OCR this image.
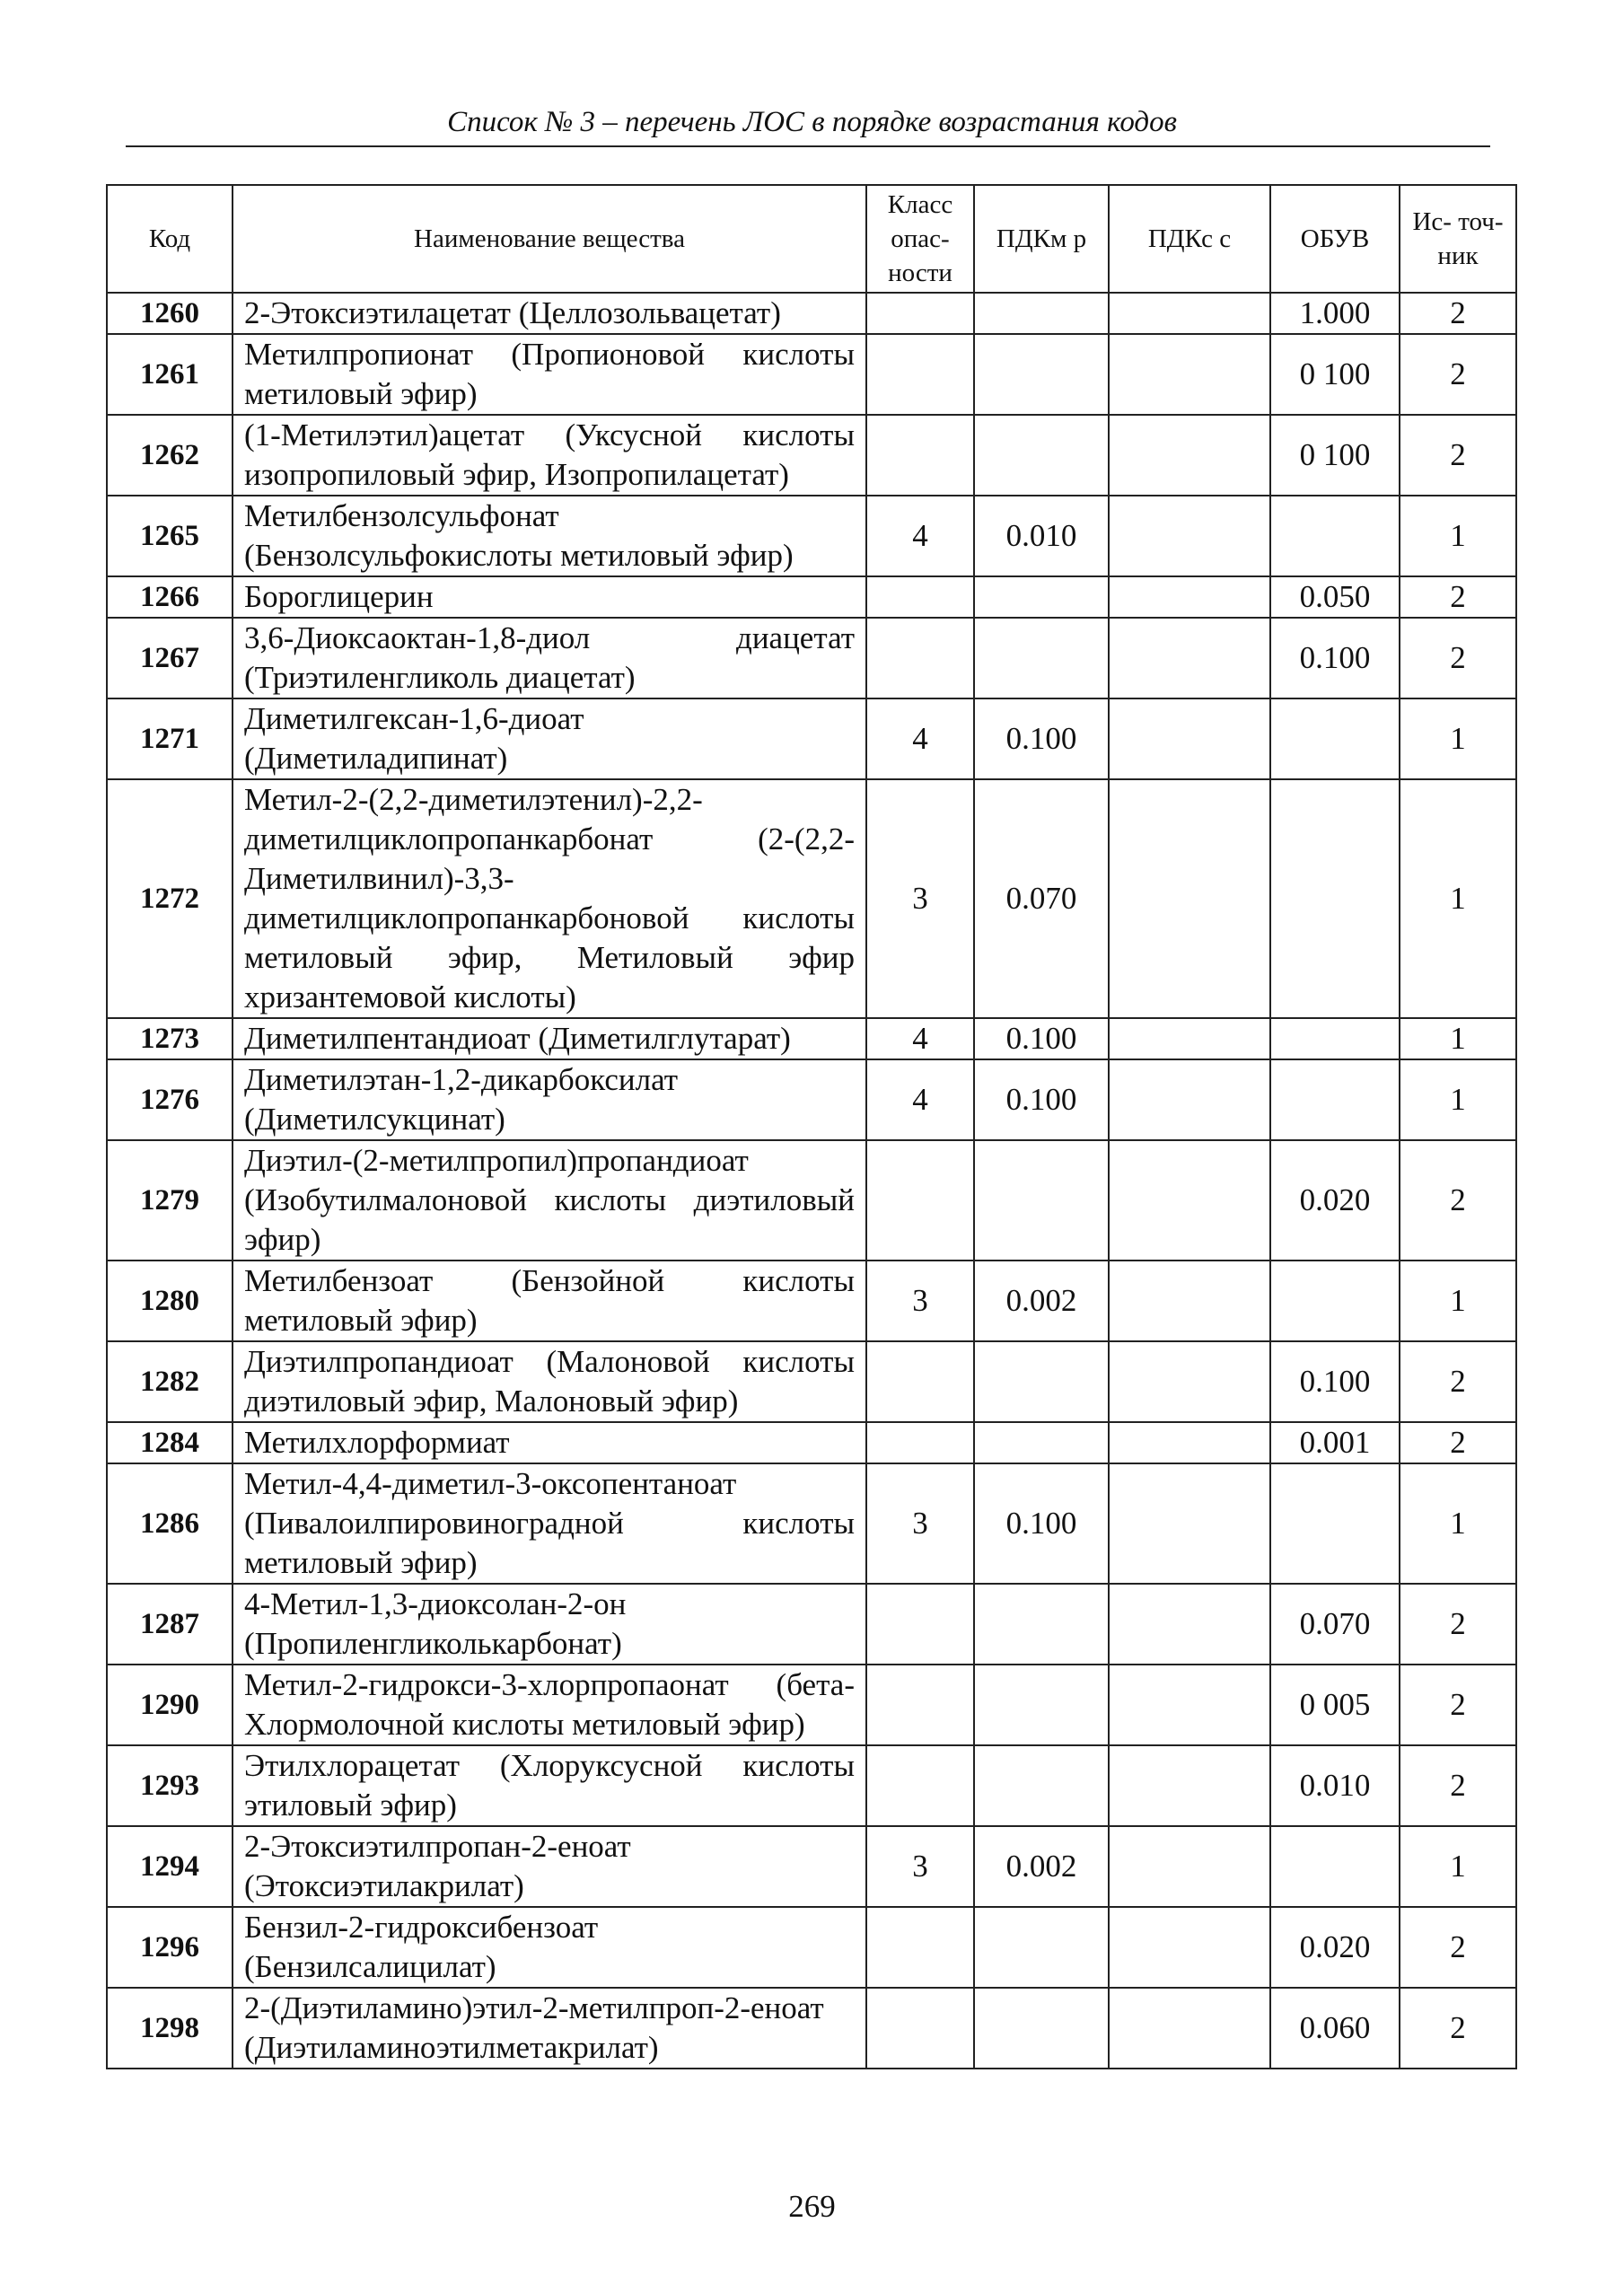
Список № 3 – перечень ЛОС в порядке возрастания кодов
Код	Наименование вещества	Класс опас- ности	ПДКм р	ПДКс с	ОБУВ	Ис- точ- ник
1260	2-Этоксиэтилацетат (Целлозольвацетат)				1.000	2
1261	Метилпропионат (Пропионовой кислоты метиловый эфир)				0 100	2
1262	(1-Метилэтил)ацетат (Уксусной кислоты изопропиловый эфир, Изопропилацетат)				0 100	2
1265	Метилбензолсульфонат (Бензолсульфокислоты метиловый эфир)	4	0.010			1
1266	Бороглицерин				0.050	2
1267	3,6-Диоксаоктан-1,8-диол диацетат (Триэтиленгликоль диацетат)				0.100	2
1271	Диметилгексан-1,6-диоат (Диметиладипинат)	4	0.100			1
1272	Метил-2-(2,2-диметилэтенил)-2,2-диметилциклопропанкарбонат (2-(2,2-Диметилвинил)-3,3-диметилциклопропанкарбоновой кислоты метиловый эфир, Метиловый эфир хризантемовой кислоты)	3	0.070			1
1273	Диметилпентандиоат (Диметилглутарат)	4	0.100			1
1276	Диметилэтан-1,2-дикарбоксилат (Диметилсукцинат)	4	0.100			1
1279	Диэтил-(2-метилпропил)пропандиоат (Изобутилмалоновой кислоты диэтиловый эфир)				0.020	2
1280	Метилбензоат (Бензойной кислоты метиловый эфир)	3	0.002			1
1282	Диэтилпропандиоат (Малоновой кислоты диэтиловый эфир, Малоновый эфир)				0.100	2
1284	Метилхлорформиат				0.001	2
1286	Метил-4,4-диметил-3-оксопентаноат (Пивалоилпировиноградной кислоты метиловый эфир)	3	0.100			1
1287	4-Метил-1,3-диоксолан-2-он (Пропиленгликолькарбонат)				0.070	2
1290	Метил-2-гидрокси-3-хлорпропаонат (бета-Хлормолочной кислоты метиловый эфир)				0 005	2
1293	Этилхлорацетат (Хлоруксусной кислоты этиловый эфир)				0.010	2
1294	2-Этоксиэтилпропан-2-еноат (Этоксиэтилакрилат)	3	0.002			1
1296	Бензил-2-гидроксибензоат (Бензилсалицилат)				0.020	2
1298	2-(Диэтиламино)этил-2-метилпроп-2-еноат (Диэтиламиноэтилметакрилат)				0.060	2
269
